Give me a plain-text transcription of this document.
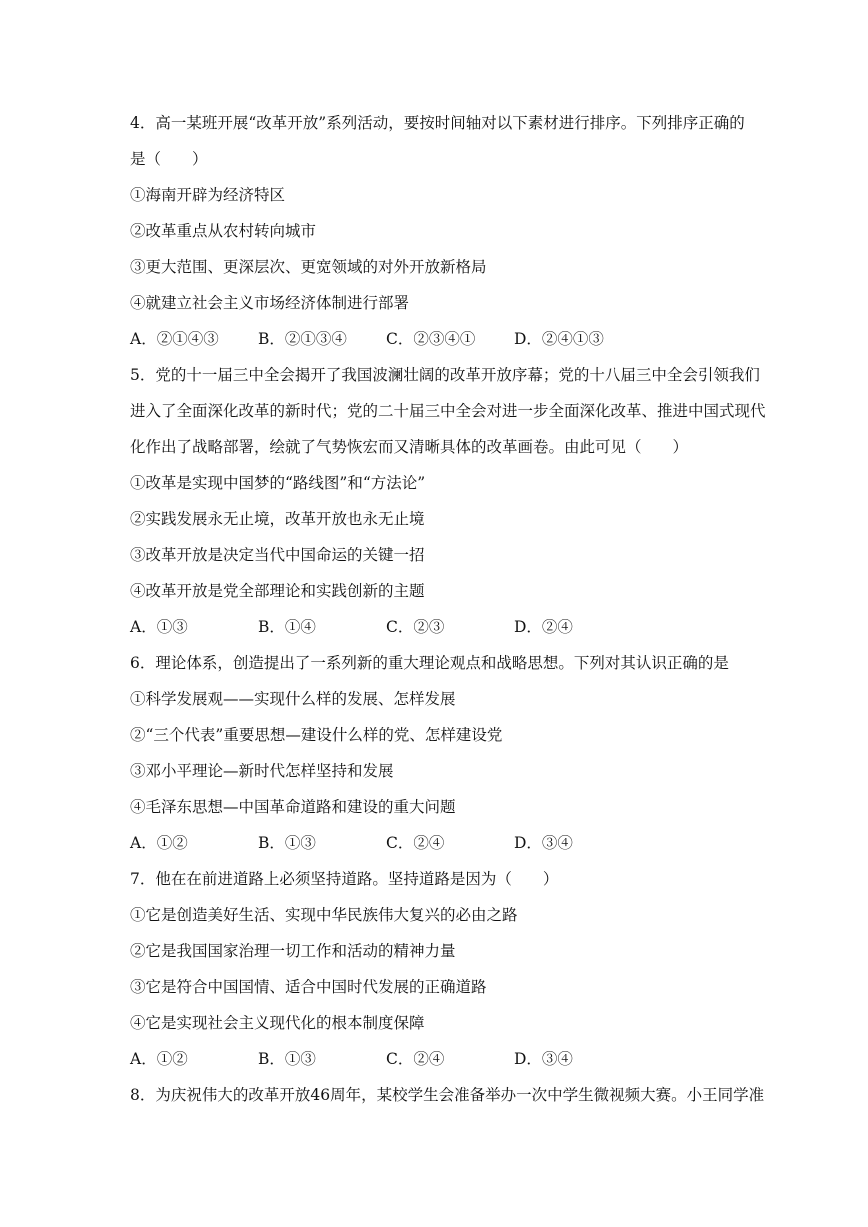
4．高一某班开展“改革开放”系列活动，要按时间轴对以下素材进行排序。下列排序正确的
是（　　）
①海南开辟为经济特区
②改革重点从农村转向城市
③更大范围、更深层次、更宽领域的对外开放新格局
④就建立社会主义市场经济体制进行部署
A．②①④③	B．②①③④	C．②③④①	D．②④①③
5．党的十一届三中全会揭开了我国波澜壮阔的改革开放序幕；党的十八届三中全会引领我们
进入了全面深化改革的新时代；党的二十届三中全会对进一步全面深化改革、推进中国式现代
化作出了战略部署，绘就了气势恢宏而又清晰具体的改革画卷。由此可见（　　）
①改革是实现中国梦的“路线图”和“方法论”
②实践发展永无止境，改革开放也永无止境
③改革开放是决定当代中国命运的关键一招
④改革开放是党全部理论和实践创新的主题
A．①③	B．①④	C．②③	D．②④
6．理论体系，创造提出了一系列新的重大理论观点和战略思想。下列对其认识正确的是
①科学发展观——实现什么样的发展、怎样发展
②“三个代表”重要思想—建设什么样的党、怎样建设党
③邓小平理论—新时代怎样坚持和发展
④毛泽东思想—中国革命道路和建设的重大问题
A．①②	B．①③	C．②④	D．③④
7．他在在前进道路上必须坚持道路。坚持道路是因为（　　）
①它是创造美好生活、实现中华民族伟大复兴的必由之路
②它是我国国家治理一切工作和活动的精神力量
③它是符合中国国情、适合中国时代发展的正确道路
④它是实现社会主义现代化的根本制度保障
A．①②	B．①③	C．②④	D．③④
8．为庆祝伟大的改革开放46周年，某校学生会准备举办一次中学生微视频大赛。小王同学准
